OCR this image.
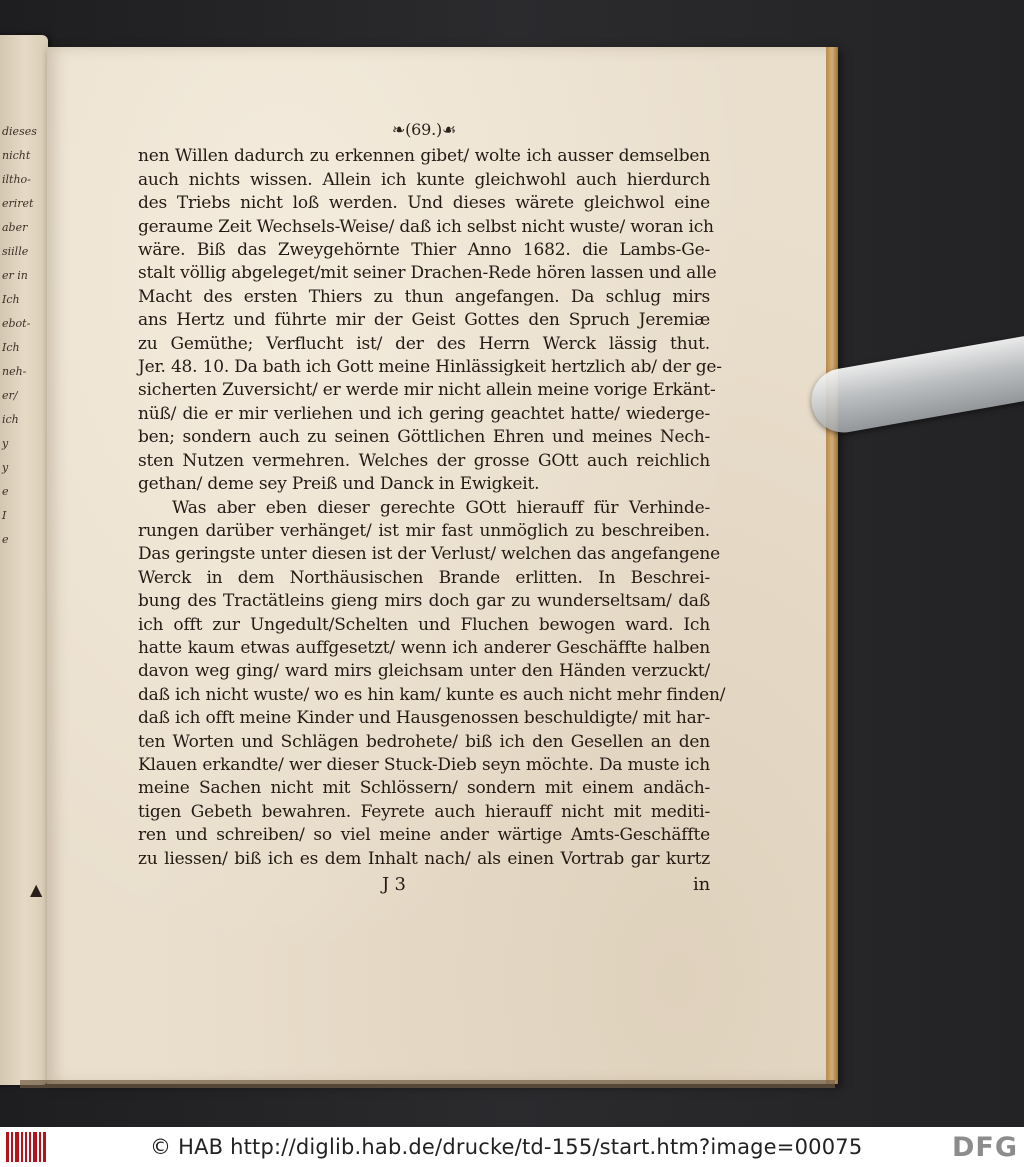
dieses
nicht
iltho-
eriret
aber
siille
er in
Ich
ebot-
Ich
neh-
er/
ich
y
y
e
I
e
❧(69.)☙
nen Willen dadurch zu erkennen gibet/ wolte ich ausser demselben
auch nichts wissen. Allein ich kunte gleichwohl auch hierdurch
des Triebs nicht loß werden. Und dieses wärete gleichwol eine
geraume Zeit Wechsels-Weise/ daß ich selbst nicht wuste/ woran ich
wäre. Biß das Zweygehörnte Thier Anno 1682. die Lambs-Ge-
stalt völlig abgeleget/mit seiner Drachen-Rede hören lassen und alle
Macht des ersten Thiers zu thun angefangen. Da schlug mirs
ans Hertz und führte mir der Geist Gottes den Spruch Jeremiæ
zu Gemüthe; Verflucht ist/ der des Herrn Werck lässig thut.
Jer. 48. 10. Da bath ich Gott meine Hinlässigkeit hertzlich ab/ der ge-
sicherten Zuversicht/ er werde mir nicht allein meine vorige Erkänt-
nüß/ die er mir verliehen und ich gering geachtet hatte/ wiederge-
ben; sondern auch zu seinen Göttlichen Ehren und meines Nech-
sten Nutzen vermehren. Welches der grosse GOtt auch reichlich
gethan/ deme sey Preiß und Danck in Ewigkeit.
Was aber eben dieser gerechte GOtt hierauff für Verhinde-
rungen darüber verhänget/ ist mir fast unmöglich zu beschreiben.
Das geringste unter diesen ist der Verlust/ welchen das angefangene
Werck in dem Northäusischen Brande erlitten. In Beschrei-
bung des Tractätleins gieng mirs doch gar zu wunderseltsam/ daß
ich offt zur Ungedult/Schelten und Fluchen bewogen ward. Ich
hatte kaum etwas auffgesetzt/ wenn ich anderer Geschäffte halben
davon weg ging/ ward mirs gleichsam unter den Händen verzuckt/
daß ich nicht wuste/ wo es hin kam/ kunte es auch nicht mehr finden/
daß ich offt meine Kinder und Hausgenossen beschuldigte/ mit har-
ten Worten und Schlägen bedrohete/ biß ich den Gesellen an den
Klauen erkandte/ wer dieser Stuck-Dieb seyn möchte. Da muste ich
meine Sachen nicht mit Schlössern/ sondern mit einem andäch-
tigen Gebeth bewahren. Feyrete auch hierauff nicht mit mediti-
ren und schreiben/ so viel meine ander wärtige Amts-Geschäffte
zu liessen/ biß ich es dem Inhalt nach/ als einen Vortrab gar kurtz
J 3	in
▲
© HAB http://diglib.hab.de/drucke/td-155/start.htm?image=00075	DFG
